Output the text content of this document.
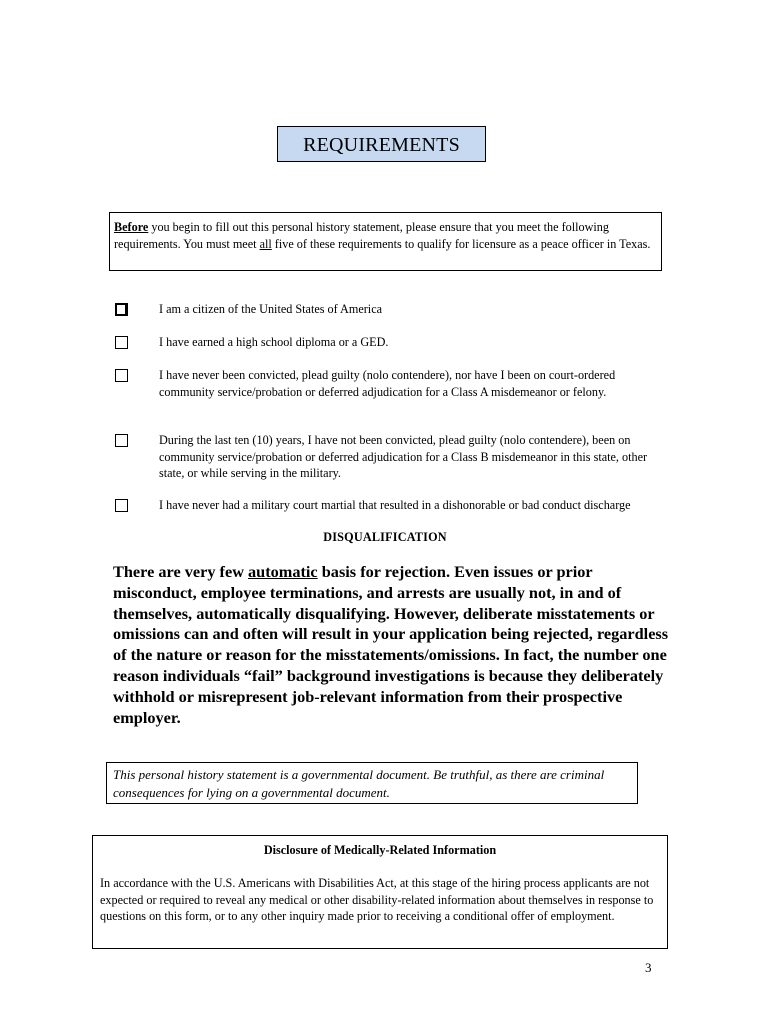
REQUIREMENTS
Before you begin to fill out this personal history statement, please ensure that you meet the following requirements. You must meet all five of these requirements to qualify for licensure as a peace officer in Texas.
I am a citizen of the United States of America
I have earned a high school diploma or a GED.
I have never been convicted, plead guilty (nolo contendere), nor have I been on court-ordered community service/probation or deferred adjudication for a Class A misdemeanor or felony.
During the last ten (10) years, I have not been convicted, plead guilty (nolo contendere), been on community service/probation or deferred adjudication for a Class B misdemeanor in this state, other state, or while serving in the military.
I have never had a military court martial that resulted in a dishonorable or bad conduct discharge
DISQUALIFICATION
There are very few automatic basis for rejection. Even issues or prior misconduct, employee terminations, and arrests are usually not, in and of themselves, automatically disqualifying. However, deliberate misstatements or omissions can and often will result in your application being rejected, regardless of the nature or reason for the misstatements/omissions. In fact, the number one reason individuals “fail” background investigations is because they deliberately withhold or misrepresent job-relevant information from their prospective employer.
This personal history statement is a governmental document. Be truthful, as there are criminal consequences for lying on a governmental document.
Disclosure of Medically-Related Information
In accordance with the U.S. Americans with Disabilities Act, at this stage of the hiring process applicants are not expected or required to reveal any medical or other disability-related information about themselves in response to questions on this form, or to any other inquiry made prior to receiving a conditional offer of employment.
3
